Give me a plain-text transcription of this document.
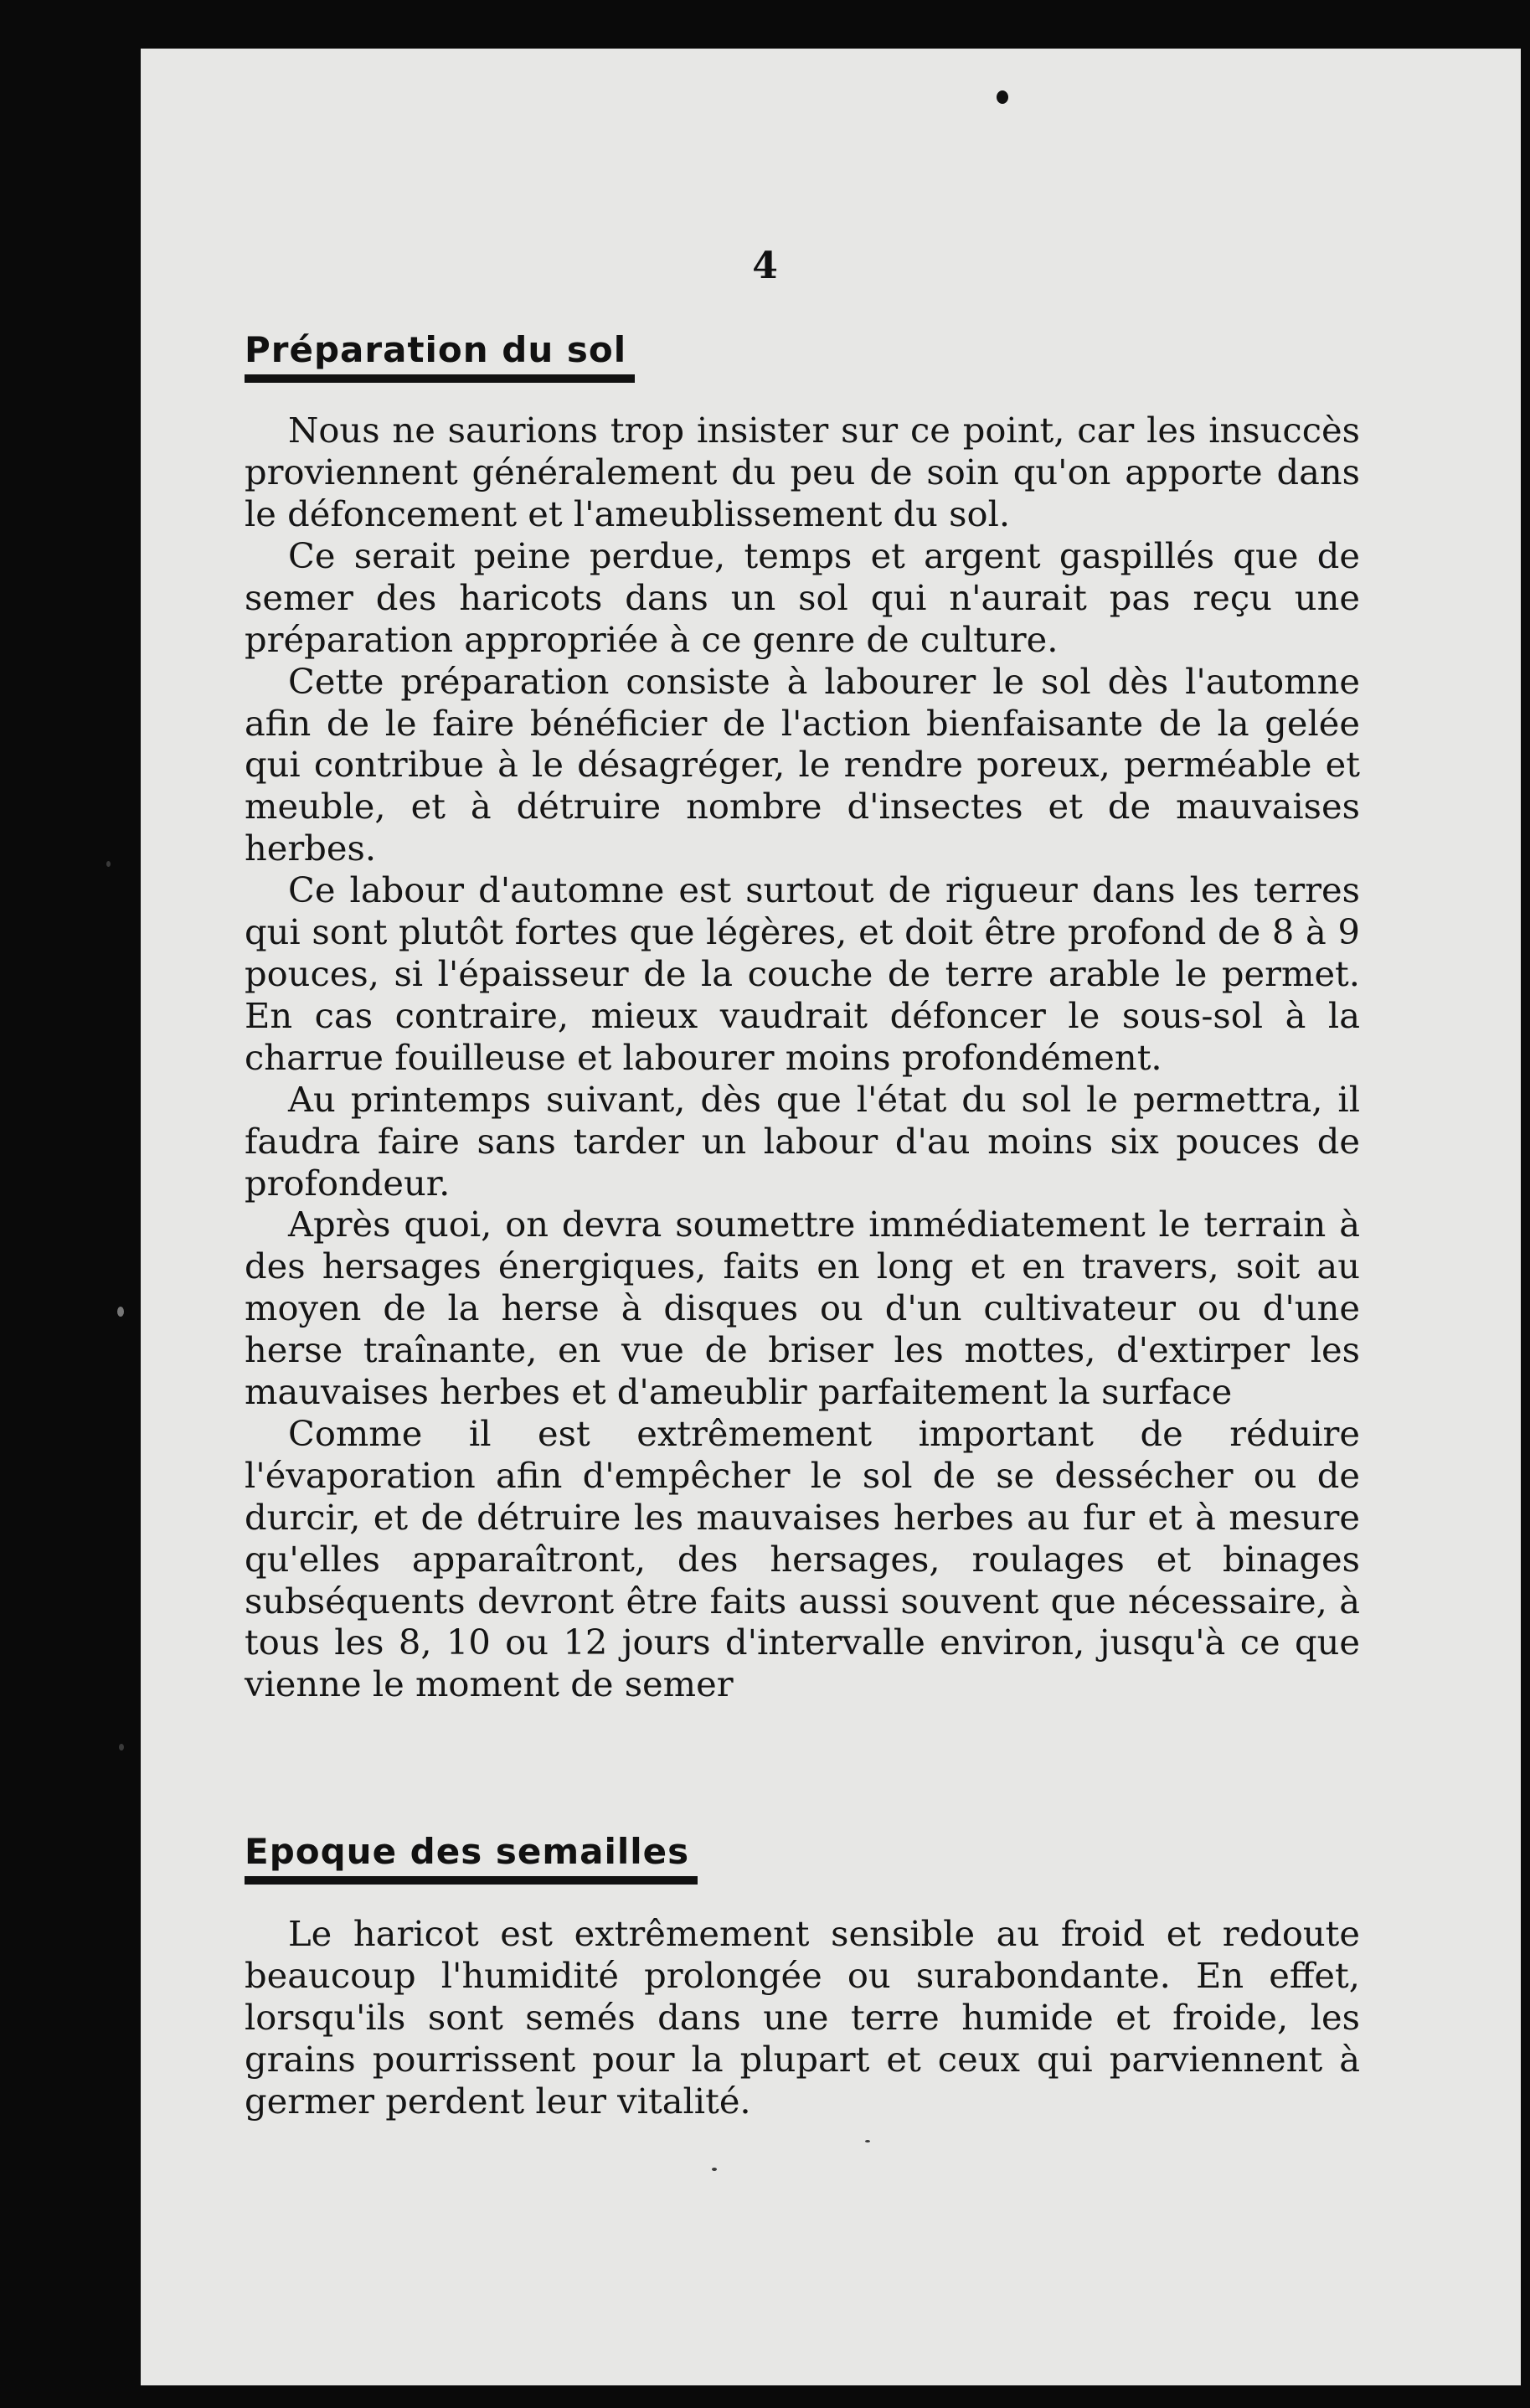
4
Préparation du sol

Nous ne saurions trop insister sur ce point, car les insuccès proviennent généralement du peu de soin qu'on apporte dans le défoncement et l'ameublissement du sol.

Ce serait peine perdue, temps et argent gaspillés que de semer des haricots dans un sol qui n'aurait pas reçu une préparation appropriée à ce genre de culture.

Cette préparation consiste à labourer le sol dès l'automne afin de le faire bénéficier de l'action bienfaisante de la gelée qui contribue à le désagréger, le rendre poreux, perméable et meuble, et à détruire nombre d'insectes et de mauvaises herbes.

Ce labour d'automne est surtout de rigueur dans les terres qui sont plutôt fortes que légères, et doit être profond de 8 à 9 pouces, si l'épaisseur de la couche de terre arable le permet. En cas contraire, mieux vaudrait défoncer le sous-sol à la charrue fouilleuse et labourer moins profondément.

Au printemps suivant, dès que l'état du sol le permettra, il faudra faire sans tarder un labour d'au moins six pouces de profondeur.

Après quoi, on devra soumettre immédiatement le terrain à des hersages énergiques, faits en long et en travers, soit au moyen de la herse à disques ou d'un cultivateur ou d'une herse traînante, en vue de briser les mottes, d'extirper les mauvaises herbes et d'ameublir parfaitement la surface

Comme il est extrêmement important de réduire l'évaporation afin d'empêcher le sol de se dessécher ou de durcir, et de détruire les mauvaises herbes au fur et à mesure qu'elles apparaîtront, des hersages, roulages et binages subséquents devront être faits aussi souvent que nécessaire, à tous les 8, 10 ou 12 jours d'intervalle environ, jusqu'à ce que vienne le moment de semer

Epoque des semailles

Le haricot est extrêmement sensible au froid et redoute beaucoup l'humidité prolongée ou surabondante. En effet, lorsqu'ils sont semés dans une terre humide et froide, les grains pourrissent pour la plupart et ceux qui parviennent à germer perdent leur vitalité.
